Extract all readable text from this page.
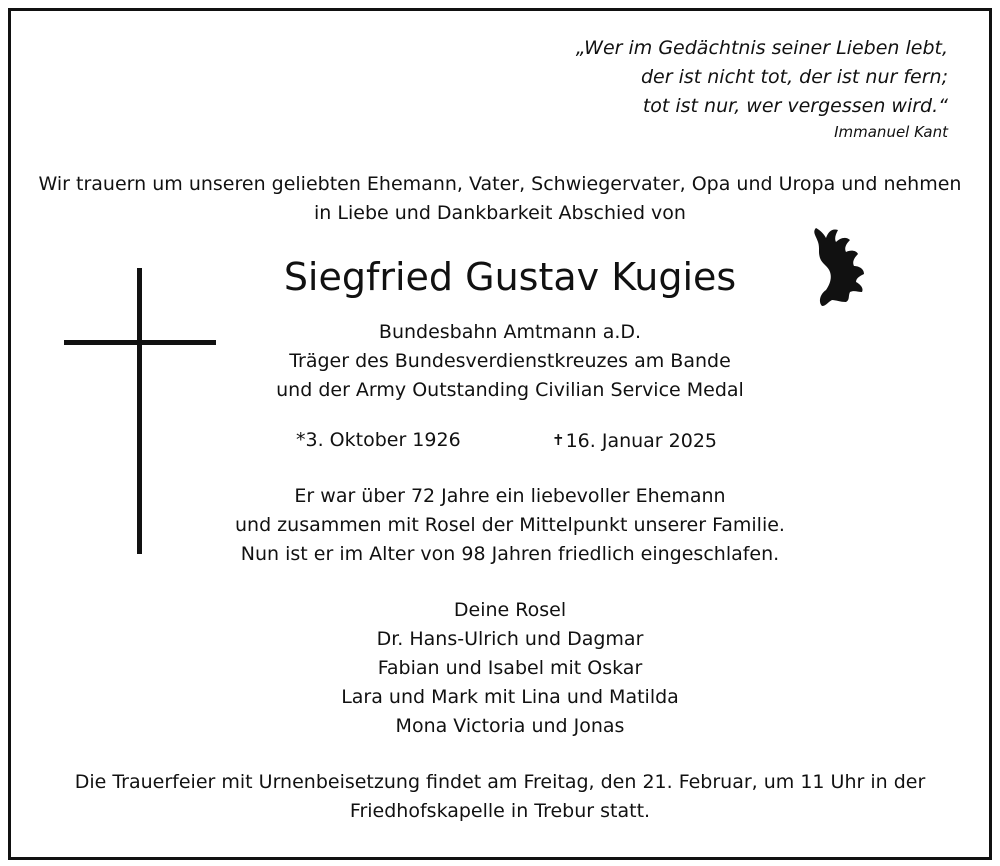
„Wer im Gedächtnis seiner Lieben lebt,
der ist nicht tot, der ist nur fern;
tot ist nur, wer vergessen wird.“
Immanuel Kant
Wir trauern um unseren geliebten Ehemann, Vater, Schwiegervater, Opa und Uropa und nehmen
in Liebe und Dankbarkeit Abschied von
Siegfried Gustav Kugies
Bundesbahn Amtmann a.D.
Träger des Bundesverdienstkreuzes am Bande
und der Army Outstanding Civilian Service Medal
*3. Oktober 1926	✝16. Januar 2025
Er war über 72 Jahre ein liebevoller Ehemann
und zusammen mit Rosel der Mittelpunkt unserer Familie.
Nun ist er im Alter von 98 Jahren friedlich eingeschlafen.
Deine Rosel
Dr. Hans-Ulrich und Dagmar
Fabian und Isabel mit Oskar
Lara und Mark mit Lina und Matilda
Mona Victoria und Jonas
Die Trauerfeier mit Urnenbeisetzung findet am Freitag, den 21. Februar, um 11 Uhr in der
Friedhofskapelle in Trebur statt.
